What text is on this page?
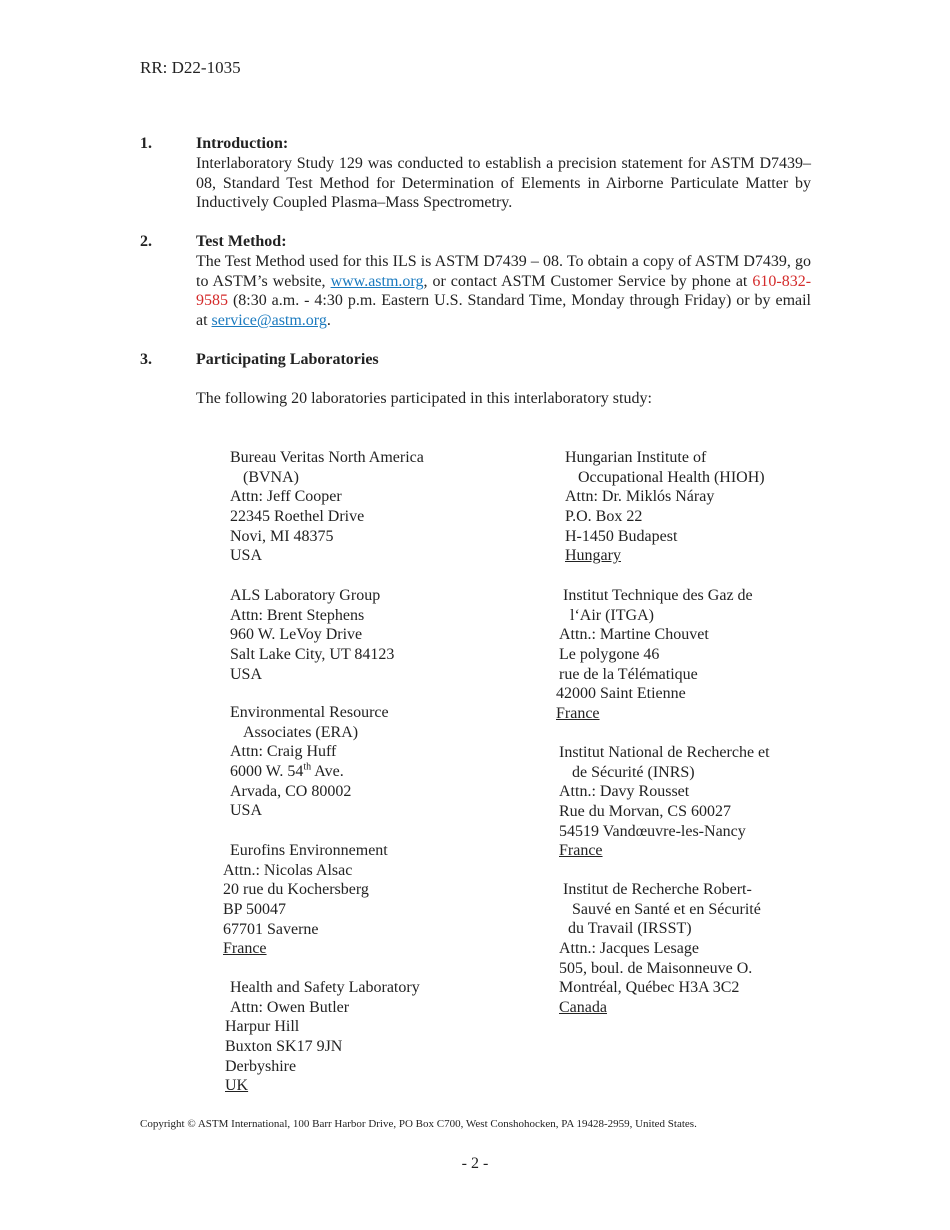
RR: D22-1035
1.	Introduction:
Interlaboratory Study 129 was conducted to establish a precision statement for ASTM D7439–08, Standard Test Method for Determination of Elements in Airborne Particulate Matter by Inductively Coupled Plasma–Mass Spectrometry.
2.	Test Method:
The Test Method used for this ILS is ASTM D7439 – 08. To obtain a copy of ASTM D7439, go to ASTM’s website, www.astm.org, or contact ASTM Customer Service by phone at 610-832-9585 (8:30 a.m. - 4:30 p.m. Eastern U.S. Standard Time, Monday through Friday) or by email at service@astm.org.
3.	Participating Laboratories
The following 20 laboratories participated in this interlaboratory study:
Bureau Veritas North America
(BVNA)
Attn: Jeff Cooper
22345 Roethel Drive
Novi, MI 48375
USA
ALS Laboratory Group
Attn: Brent Stephens
960 W. LeVoy Drive
Salt Lake City, UT 84123
USA
Environmental Resource
Associates (ERA)
Attn: Craig Huff
6000 W. 54th Ave.
Arvada, CO 80002
USA
Eurofins Environnement
Attn.: Nicolas Alsac
20 rue du Kochersberg
BP 50047
67701 Saverne
France
Health and Safety Laboratory
Attn: Owen Butler
Harpur Hill
Buxton SK17 9JN
Derbyshire
UK
Hungarian Institute of
Occupational Health (HIOH)
Attn: Dr. Miklós Náray
P.O. Box 22
H-1450 Budapest
Hungary
Institut Technique des Gaz de
l‘Air (ITGA)
Attn.: Martine Chouvet
Le polygone 46
rue de la Télématique
42000 Saint Etienne
France
Institut National de Recherche et
de Sécurité (INRS)
Attn.: Davy Rousset
Rue du Morvan, CS 60027
54519 Vandœuvre-les-Nancy
France
Institut de Recherche Robert-
Sauvé en Santé et en Sécurité
du Travail (IRSST)
Attn.: Jacques Lesage
505, boul. de Maisonneuve O.
Montréal, Québec H3A 3C2
Canada
Copyright © ASTM International, 100 Barr Harbor Drive, PO Box C700, West Conshohocken, PA 19428-2959, United States.
- 2 -
